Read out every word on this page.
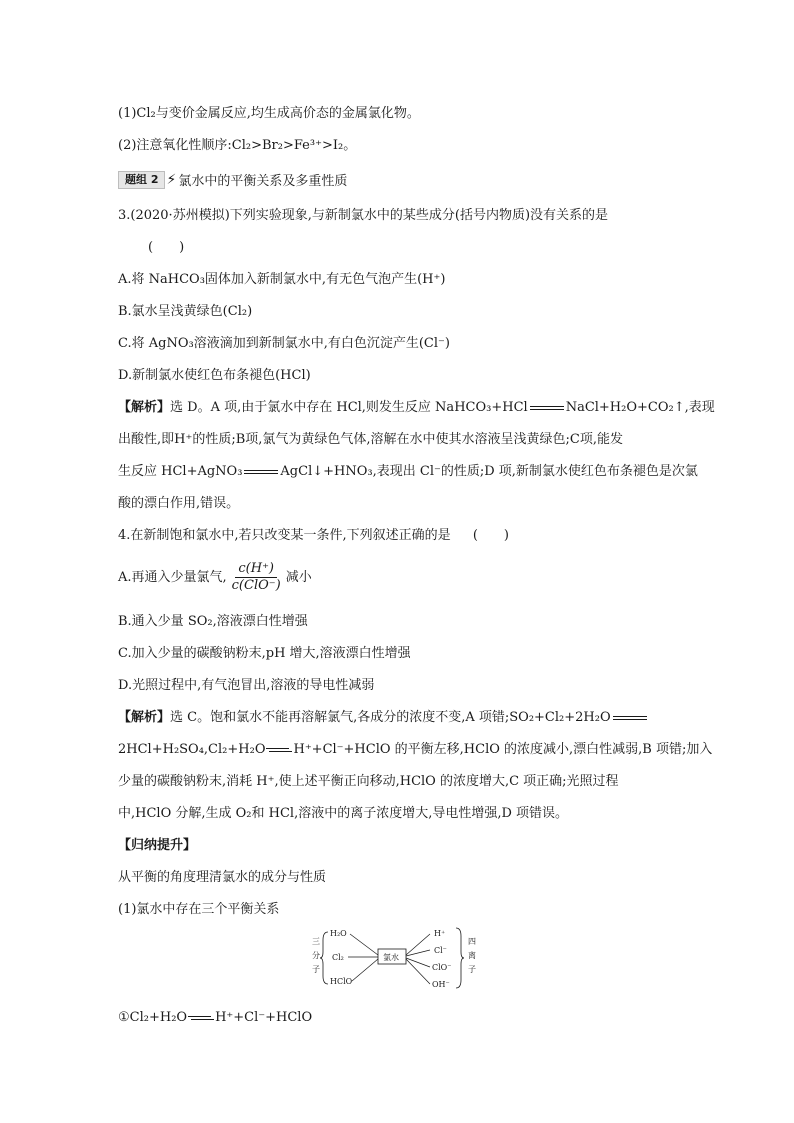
(1)Cl₂与变价金属反应,均生成高价态的金属氯化物。
(2)注意氧化性顺序:Cl₂>Br₂>Fe³⁺>I₂。
题组 2 ⚡ 氯水中的平衡关系及多重性质
3.(2020·苏州模拟)下列实验现象,与新制氯水中的某些成分(括号内物质)没有关系的是
(　　)
A.将 NaHCO₃固体加入新制氯水中,有无色气泡产生(H⁺)
B.氯水呈浅黄绿色(Cl₂)
C.将 AgNO₃溶液滴加到新制氯水中,有白色沉淀产生(Cl⁻)
D.新制氯水使红色布条褪色(HCl)
【解析】选 D。A 项,由于氯水中存在 HCl,则发生反应 NaHCO₃+HCl	NaCl+H₂O+CO₂↑,表现
出酸性,即H⁺的性质;B项,氯气为黄绿色气体,溶解在水中使其水溶液呈浅黄绿色;C项,能发
生反应 HCl+AgNO₃	AgCl↓+HNO₃,表现出 Cl⁻的性质;D 项,新制氯水使红色布条褪色是次氯
酸的漂白作用,错误。
4.在新制饱和氯水中,若只改变某一条件,下列叙述正确的是 (　　)
A.再通入少量氯气, $\frac{c(H^+)}{\text{c(ClO⁻)}}$ 减小
B.通入少量 SO₂,溶液漂白性增强
C.加入少量的碳酸钠粉末,pH 增大,溶液漂白性增强
D.光照过程中,有气泡冒出,溶液的导电性减弱
【解析】选 C。饱和氯水不能再溶解氯气,各成分的浓度不变,A 项错;SO₂+Cl₂+2H₂O
2HCl+H₂SO₄,Cl₂+H₂O H⁺+Cl⁻+HClO 的平衡左移,HClO 的浓度减小,漂白性减弱,B 项错;加入
少量的碳酸钠粉末,消耗 H⁺,使上述平衡正向移动,HClO 的浓度增大,C 项正确;光照过程
中,HClO 分解,生成 O₂和 HCl,溶液中的离子浓度增大,导电性增强,D 项错误。
【归纳提升】
从平衡的角度理清氯水的成分与性质
(1)氯水中存在三个平衡关系
三
分
子
H₂O
Cl₂
HClO
氯水
H⁺
Cl⁻
ClO⁻
OH⁻
四
离
子
①Cl₂+H₂O H⁺+Cl⁻+HClO
